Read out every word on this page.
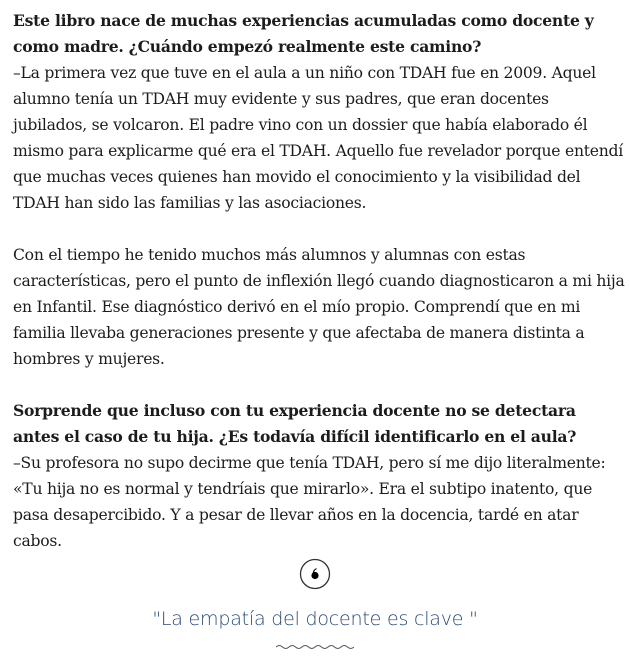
Este libro nace de muchas experiencias acumuladas como docente y como madre. ¿Cuándo empezó realmente este camino?
–La primera vez que tuve en el aula a un niño con TDAH fue en 2009. Aquel alumno tenía un TDAH muy evidente y sus padres, que eran docentes jubilados, se volcaron. El padre vino con un dossier que había elaborado él mismo para explicarme qué era el TDAH. Aquello fue revelador porque entendí que muchas veces quienes han movido el conocimiento y la visibilidad del TDAH han sido las familias y las asociaciones.

Con el tiempo he tenido muchos más alumnos y alumnas con estas características, pero el punto de inflexión llegó cuando diagnosticaron a mi hija en Infantil. Ese diagnóstico derivó en el mío propio. Comprendí que en mi familia llevaba generaciones presente y que afectaba de manera distinta a hombres y mujeres.

Sorprende que incluso con tu experiencia docente no se detectara antes el caso de tu hija. ¿Es todavía difícil identificarlo en el aula?
–Su profesora no supo decirme que tenía TDAH, pero sí me dijo literalmente: «Tu hija no es normal y tendríais que mirarlo». Era el subtipo inatento, que pasa desapercibido. Y a pesar de llevar años en la docencia, tardé en atar cabos.
"La empatía del docente es clave "
